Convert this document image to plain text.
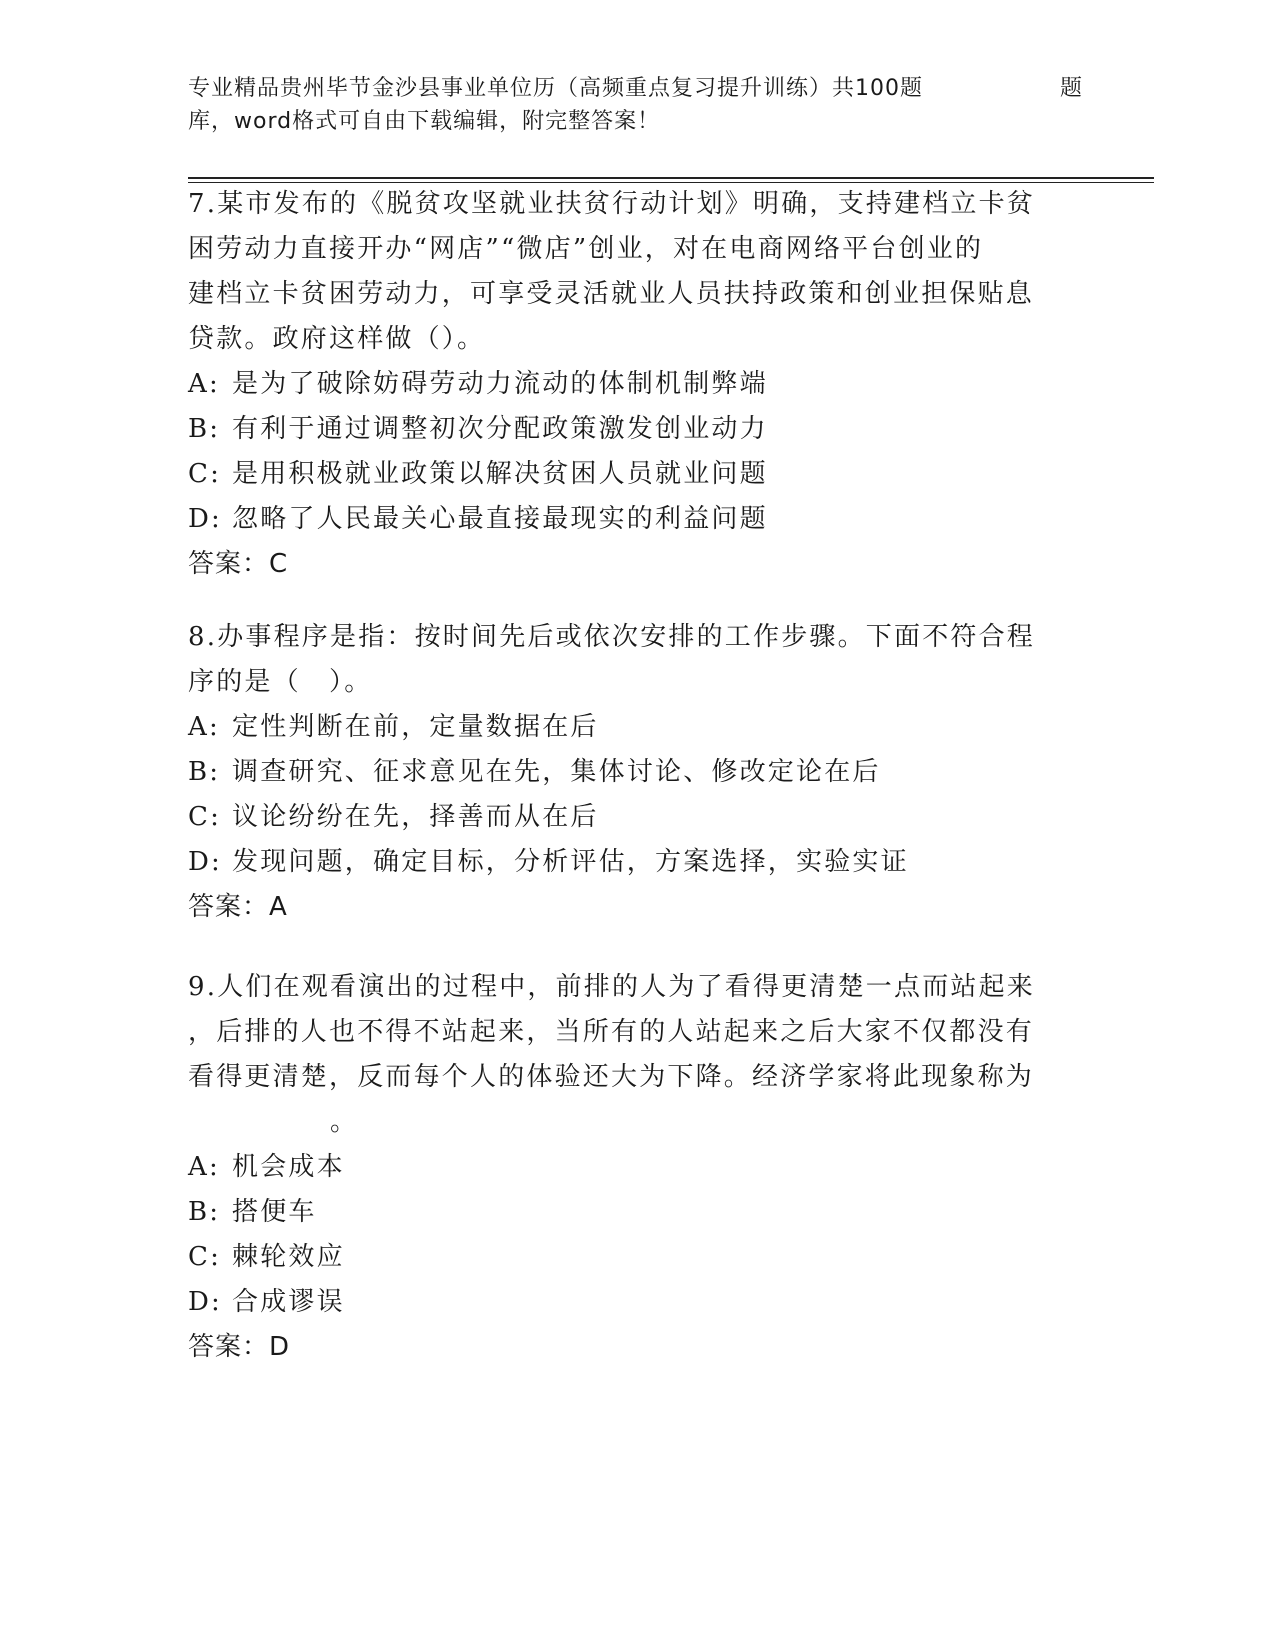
专业精品贵州毕节金沙县事业单位历（高频重点复习提升训练）共100题	题
库，word格式可自由下载编辑，附完整答案！
7.某市发布的《脱贫攻坚就业扶贫行动计划》明确，支持建档立卡贫
困劳动力直接开办“网店”“微店”创业，对在电商网络平台创业的
建档立卡贫困劳动力，可享受灵活就业人员扶持政策和创业担保贴息
贷款。政府这样做（）。
A: 是为了破除妨碍劳动力流动的体制机制弊端
B: 有利于通过调整初次分配政策激发创业动力
C: 是用积极就业政策以解决贫困人员就业问题
D: 忽略了人民最关心最直接最现实的利益问题
答案：C
8.办事程序是指：按时间先后或依次安排的工作步骤。下面不符合程
序的是（　）。
A: 定性判断在前，定量数据在后
B: 调查研究、征求意见在先，集体讨论、修改定论在后
C: 议论纷纷在先，择善而从在后
D: 发现问题，确定目标，分析评估，方案选择，实验实证
答案：A
9.人们在观看演出的过程中，前排的人为了看得更清楚一点而站起来
，后排的人也不得不站起来，当所有的人站起来之后大家不仅都没有
看得更清楚，反而每个人的体验还大为下降。经济学家将此现象称为
。
A: 机会成本
B: 搭便车
C: 棘轮效应
D: 合成谬误
答案：D
